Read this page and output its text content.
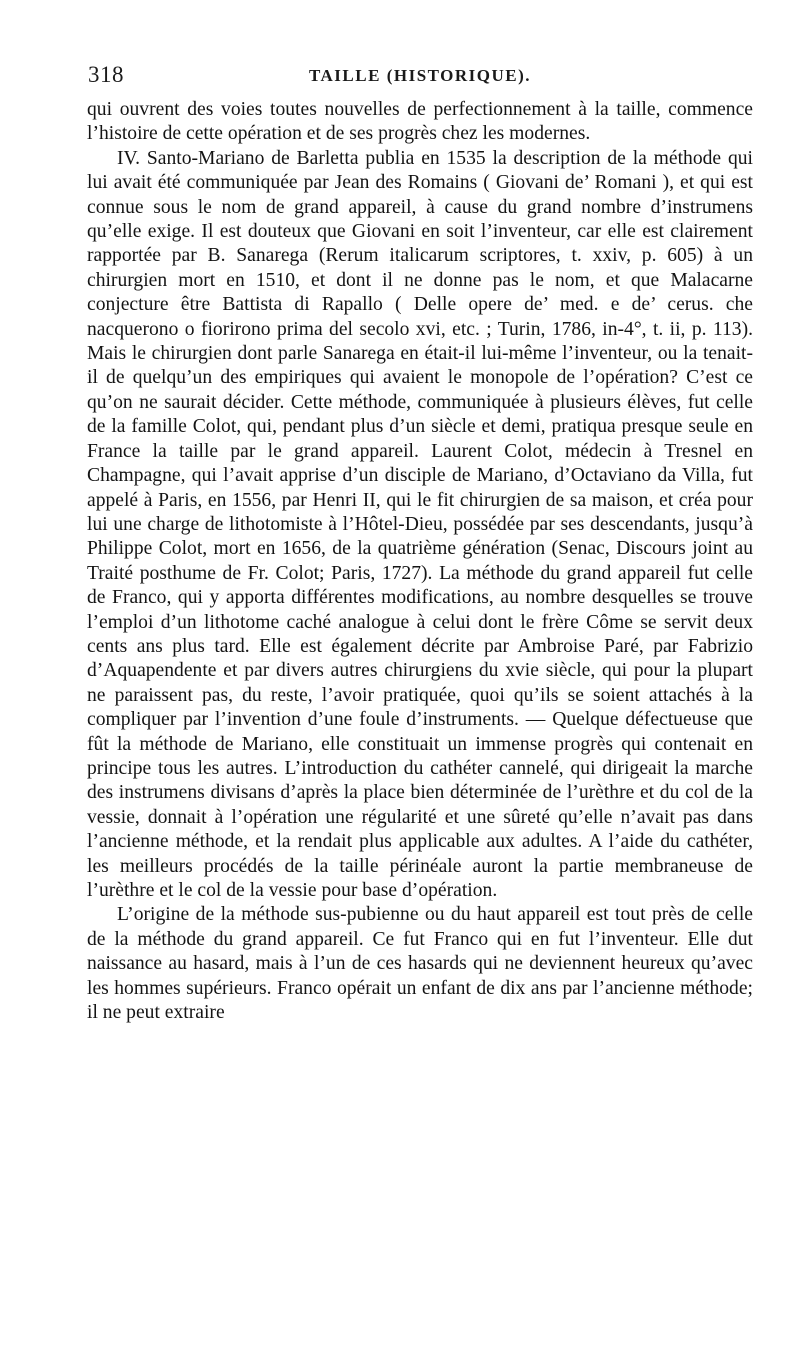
318	TAILLE (HISTORIQUE).

qui ouvrent des voies toutes nouvelles de perfectionnement à la taille, commence l’histoire de cette opération et de ses progrès chez les modernes.

IV. Santo-Mariano de Barletta publia en 1535 la description de la méthode qui lui avait été communiquée par Jean des Romains ( Giovani de’ Romani ), et qui est connue sous le nom de grand appareil, à cause du grand nombre d’instrumens qu’elle exige. Il est douteux que Giovani en soit l’inventeur, car elle est clairement rapportée par B. Sanarega (Rerum italicarum scriptores, t. xxiv, p. 605) à un chirurgien mort en 1510, et dont il ne donne pas le nom, et que Malacarne conjecture être Battista di Rapallo ( Delle opere de’ med. e de’ cerus. che nacquerono o fiorirono prima del secolo xvi, etc. ; Turin, 1786, in-4°, t. ii, p. 113). Mais le chirurgien dont parle Sanarega en était-il lui-même l’inventeur, ou la tenait-il de quelqu’un des empiriques qui avaient le monopole de l’opération? C’est ce qu’on ne saurait décider. Cette méthode, communiquée à plusieurs élèves, fut celle de la famille Colot, qui, pendant plus d’un siècle et demi, pratiqua presque seule en France la taille par le grand appareil. Laurent Colot, médecin à Tresnel en Champagne, qui l’avait apprise d’un disciple de Mariano, d’Octaviano da Villa, fut appelé à Paris, en 1556, par Henri II, qui le fit chirurgien de sa maison, et créa pour lui une charge de lithotomiste à l’Hôtel-Dieu, possédée par ses descendants, jusqu’à Philippe Colot, mort en 1656, de la quatrième génération (Senac, Discours joint au Traité posthume de Fr. Colot; Paris, 1727). La méthode du grand appareil fut celle de Franco, qui y apporta différentes modifications, au nombre desquelles se trouve l’emploi d’un lithotome caché analogue à celui dont le frère Côme se servit deux cents ans plus tard. Elle est également décrite par Ambroise Paré, par Fabrizio d’Aquapendente et par divers autres chirurgiens du xvie siècle, qui pour la plupart ne paraissent pas, du reste, l’avoir pratiquée, quoi qu’ils se soient attachés à la compliquer par l’invention d’une foule d’instruments. — Quelque défectueuse que fût la méthode de Mariano, elle constituait un immense progrès qui contenait en principe tous les autres. L’introduction du cathéter cannelé, qui dirigeait la marche des instrumens divisans d’après la place bien déterminée de l’urèthre et du col de la vessie, donnait à l’opération une régularité et une sûreté qu’elle n’avait pas dans l’ancienne méthode, et la rendait plus applicable aux adultes. A l’aide du cathéter, les meilleurs procédés de la taille périnéale auront la partie membraneuse de l’urèthre et le col de la vessie pour base d’opération.

L’origine de la méthode sus-pubienne ou du haut appareil est tout près de celle de la méthode du grand appareil. Ce fut Franco qui en fut l’inventeur. Elle dut naissance au hasard, mais à l’un de ces hasards qui ne deviennent heureux qu’avec les hommes supérieurs. Franco opérait un enfant de dix ans par l’ancienne méthode; il ne peut extraire
